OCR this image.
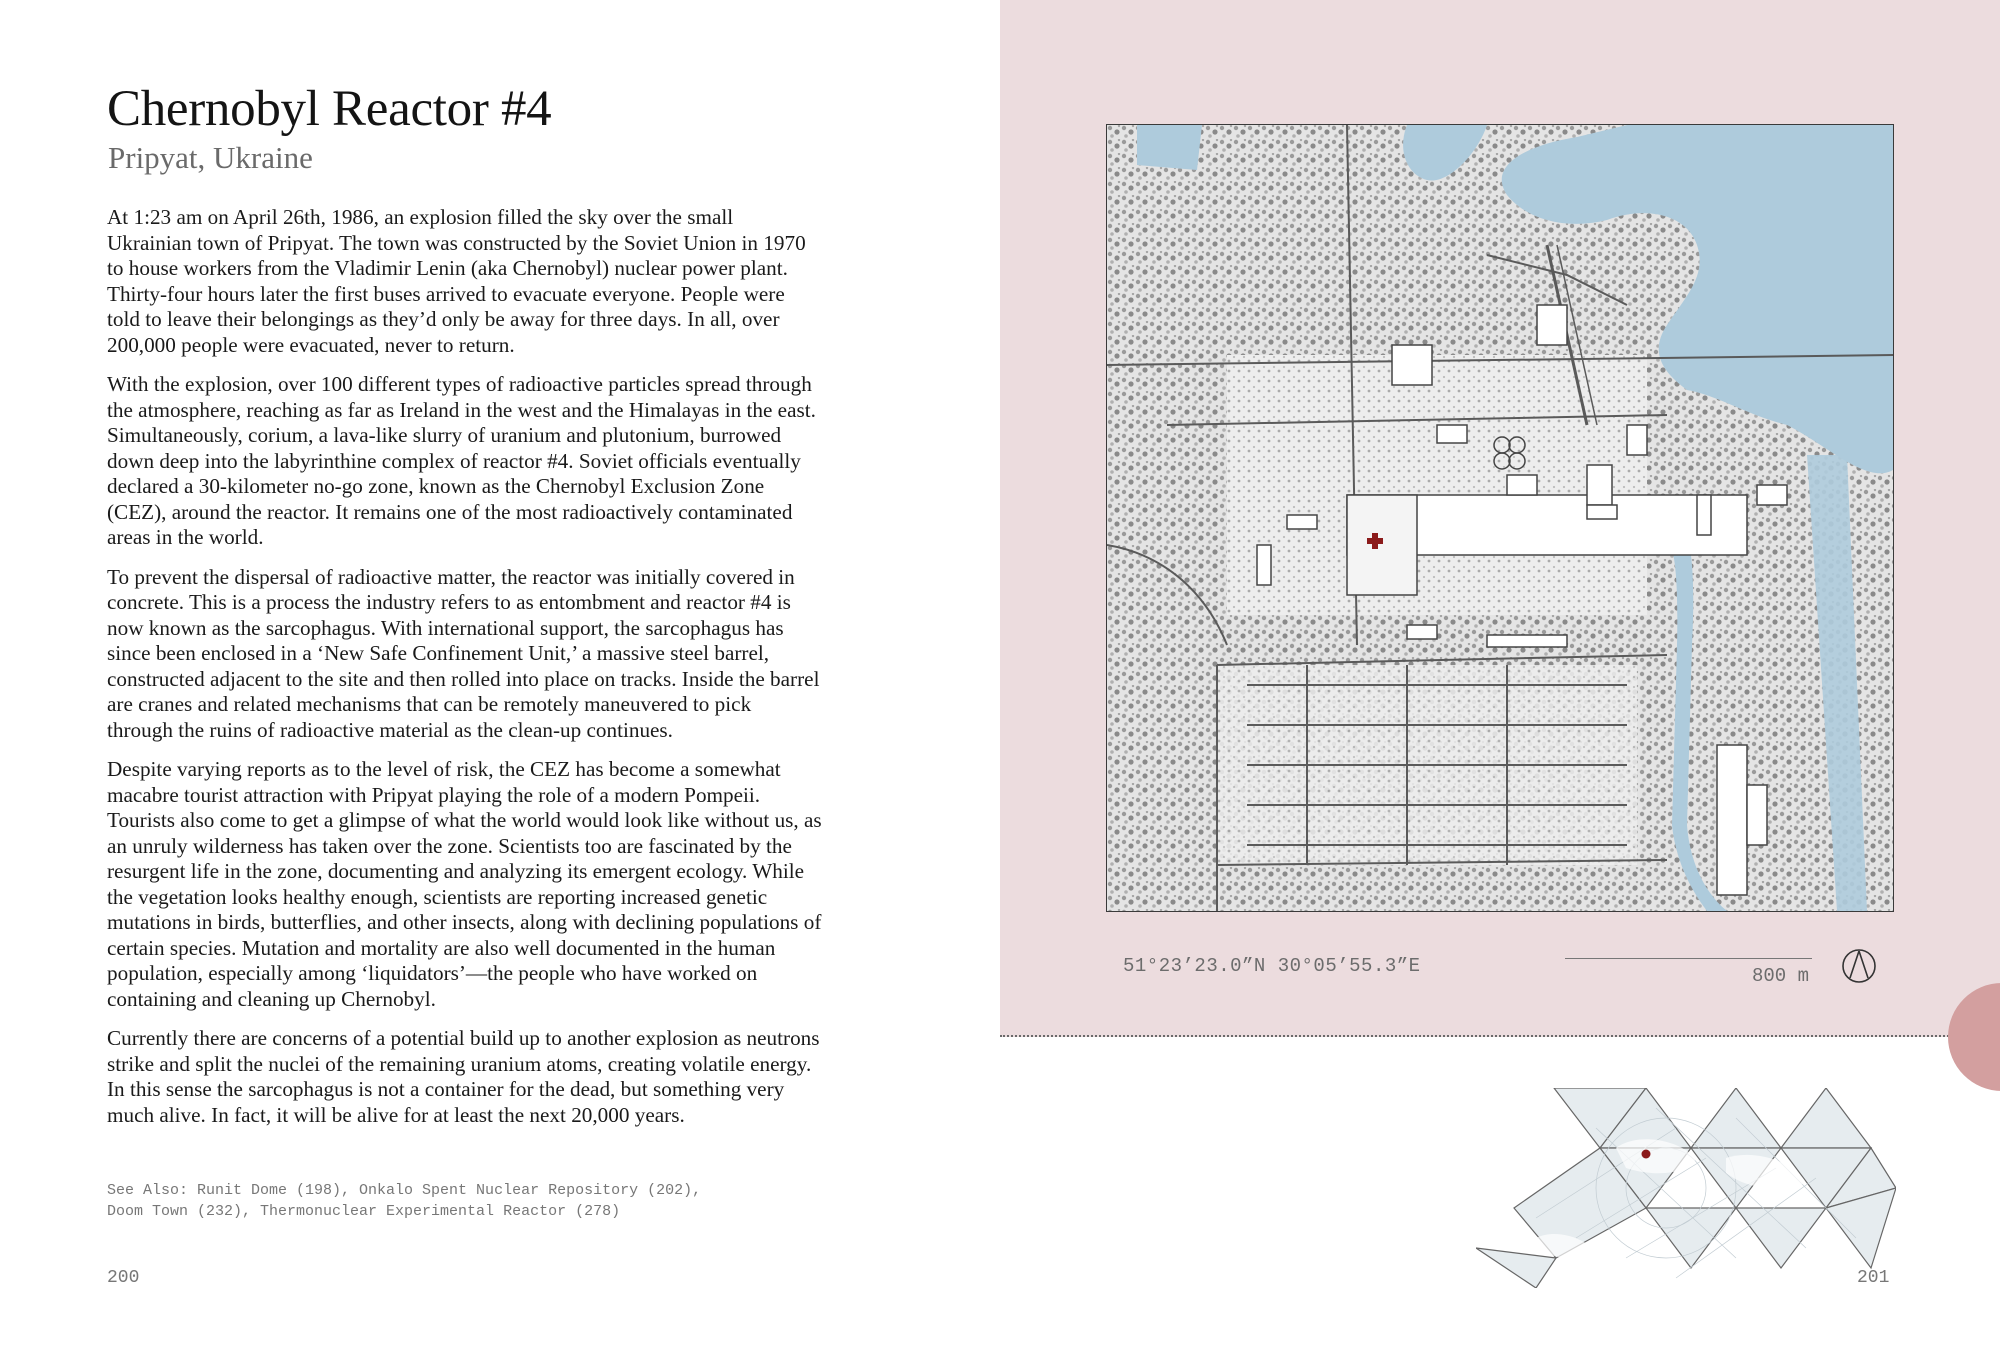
Chernobyl Reactor #4
Pripyat, Ukraine

At 1:23 am on April 26th, 1986, an explosion filled the sky over the small Ukrainian town of Pripyat. The town was constructed by the Soviet Union in 1970 to house workers from the Vladimir Lenin (aka Chernobyl) nuclear power plant. Thirty-four hours later the first buses arrived to evacuate everyone. People were told to leave their belongings as they’d only be away for three days. In all, over 200,000 people were evacuated, never to return.

With the explosion, over 100 different types of radioactive particles spread through the atmosphere, reaching as far as Ireland in the west and the Himalayas in the east. Simultaneously, corium, a lava-like slurry of uranium and plutonium, burrowed down deep into the labyrinthine complex of reactor #4. Soviet officials eventually declared a 30-kilometer no-go zone, known as the Chernobyl Exclusion Zone (CEZ), around the reactor. It remains one of the most radioactively contaminated areas in the world.

To prevent the dispersal of radioactive matter, the reactor was initially covered in concrete. This is a process the industry refers to as entombment and reactor #4 is now known as the sarcophagus. With international support, the sarcophagus has since been enclosed in a ‘New Safe Confinement Unit,’ a massive steel barrel, constructed adjacent to the site and then rolled into place on tracks. Inside the barrel are cranes and related mechanisms that can be remotely maneuvered to pick through the ruins of radioactive material as the clean-up continues.

Despite varying reports as to the level of risk, the CEZ has become a somewhat macabre tourist attraction with Pripyat playing the role of a modern Pompeii. Tourists also come to get a glimpse of what the world would look like without us, as an unruly wilderness has taken over the zone. Scientists too are fascinated by the resurgent life in the zone, documenting and analyzing its emergent ecology. While the vegetation looks healthy enough, scientists are reporting increased genetic mutations in birds, butterflies, and other insects, along with declining populations of certain species. Mutation and mortality are also well documented in the human population, especially among ‘liquidators’—the people who have worked on containing and cleaning up Chernobyl.

Currently there are concerns of a potential build up to another explosion as neutrons strike and split the nuclei of the remaining uranium atoms, creating volatile energy. In this sense the sarcophagus is not a container for the dead, but something very much alive. In fact, it will be alive for at least the next 20,000 years.

See Also: Runit Dome (198), Onkalo Spent Nuclear Repository (202),
Doom Town (232), Thermonuclear Experimental Reactor (278)
200
51°23’23.0”N 30°05’55.3”E	800 m
201
